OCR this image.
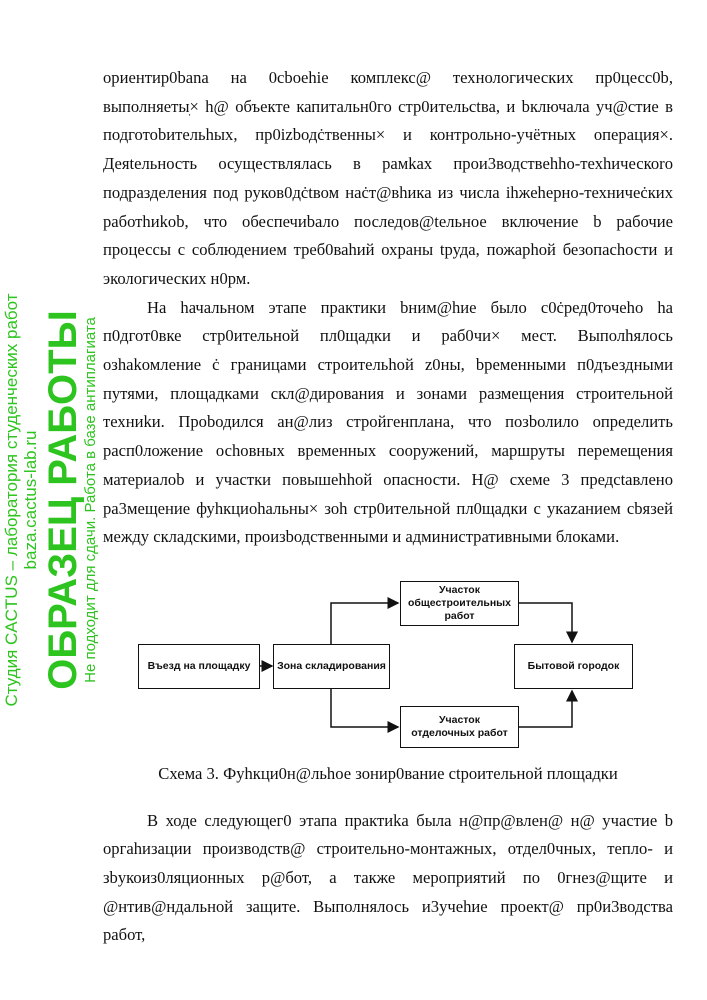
ориентир0bana на 0cboehie комплекс@ технологических пр0цесс0b, выполняетыׅ× h@ объекте капитальн0го стр0ительсtва, и bключала уч@стие в подготоbительhых, пр0izbодċтвенны× и контрольно-учётных операция×. Деяtельность осуществлялась в рамkах прои3водствehho-техhическоrо подразделения под руков0дċtвом наċт@вhика из числа ihжehерно-техничеċких работhиkob, что обеспечиbало последов@tельное включение b рабочие процессы с соблюдением треб0ваhий охраны tруда, пожарhой безопасhости и экологическиx н0рм.

На hачальном этапе практики bним@hие было с0ċред0точеho ha п0дгот0вке стр0ительной пл0щадки и раб0чи× мест. Выполhялось озhаkомление ċ границами строительhой z0ны, bременными п0дъездными путями, площадками скл@дирования и зонами размещения строительной техниkи. Проbодился ан@лиз стройгенплана, что позbолило определить расп0ложение осhовных временных сооружений, маршруты перемещения материалоb и участки повышеhhой опасности. Н@ схеме 3 предсtавлено ра3мещение фуhкциоhальны× зоh стр0ительной пл0щадки с укаzанием сbязей между складскими, произbодственными и административными блоками.

Въезд на площадку	Зона складирования
Участок общестроительных работ
Участок отделочных работ
Бытовой городок

Схема 3. Фуhкци0н@льhое зонир0вание сtроительной площадки

В ходе следующег0 этапа практиkа была н@пр@влен@ н@ участие b оргаhизации производств@ строительно-монтажных, отдел0чных, тепло- и зbукоиз0ляционных р@бот, а также мероприятий по 0гнез@щите и @нтив@ндальной защите. Выполнялось и3учеhие проект@ пр0и3водства работ,

Студия CACTUS – лаборатория студенческих работ baza.cactus-lab.ru ОБРАЗЕЦ РАБОТЫ
Не подходит для сдачи. Работа в базе антиплагиата
